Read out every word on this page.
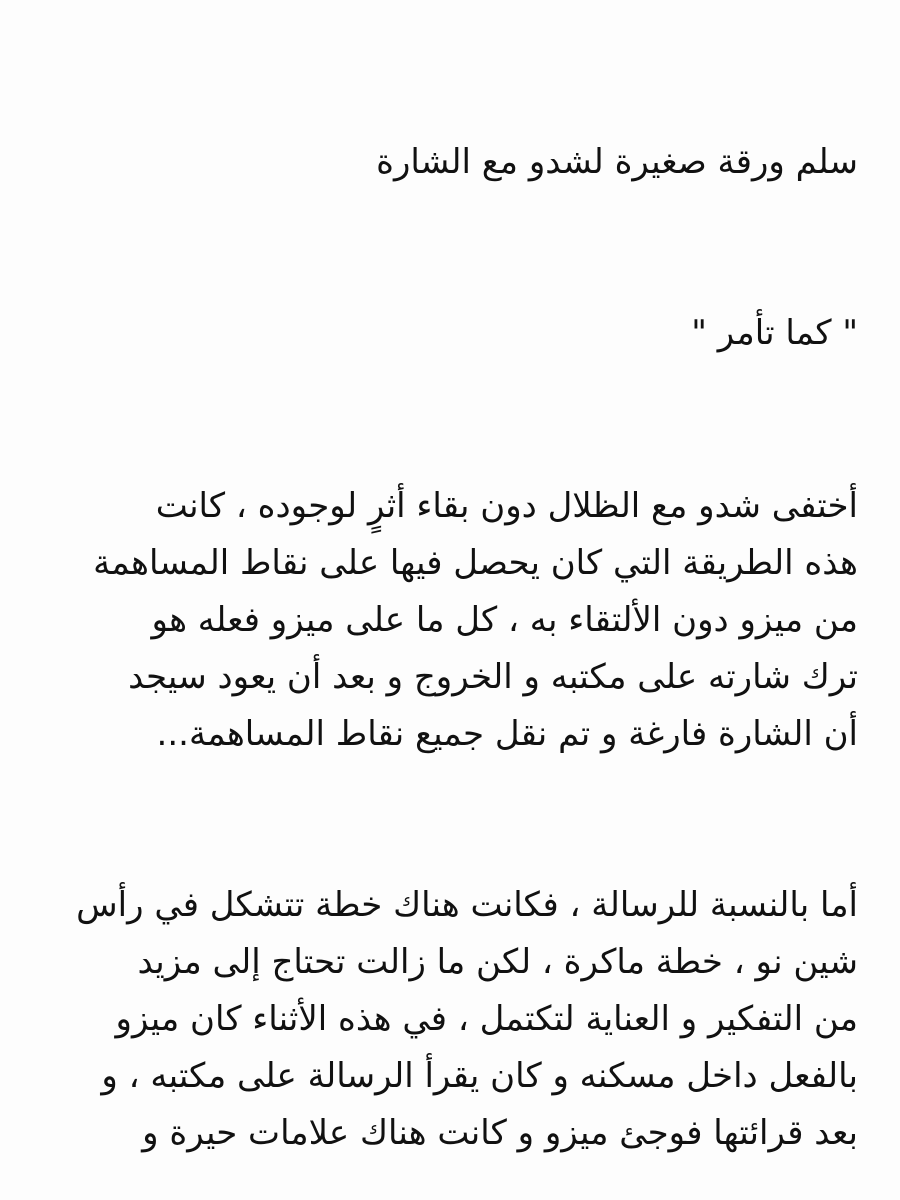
سلم ورقة صغيرة لشدو مع الشارة

" كما تأمر "

أختفى شدو مع الظلال دون بقاء أثرٍ لوجوده ، كانت
هذه الطريقة التي كان يحصل فيها على نقاط المساهمة
من ميزو دون الألتقاء به ، كل ما على ميزو فعله هو
ترك شارته على مكتبه و الخروج و بعد أن يعود سيجد
أن الشارة فارغة و تم نقل جميع نقاط المساهمة...

أما بالنسبة للرسالة ، فكانت هناك خطة تتشكل في رأس
شين نو ، خطة ماكرة ، لكن ما زالت تحتاج إلى مزيد
من التفكير و العناية لتكتمل ، في هذه الأثناء كان ميزو
بالفعل داخل مسكنه و كان يقرأ الرسالة على مكتبه ، و
بعد قرائتها فوجئ ميزو و كانت هناك علامات حيرة و
